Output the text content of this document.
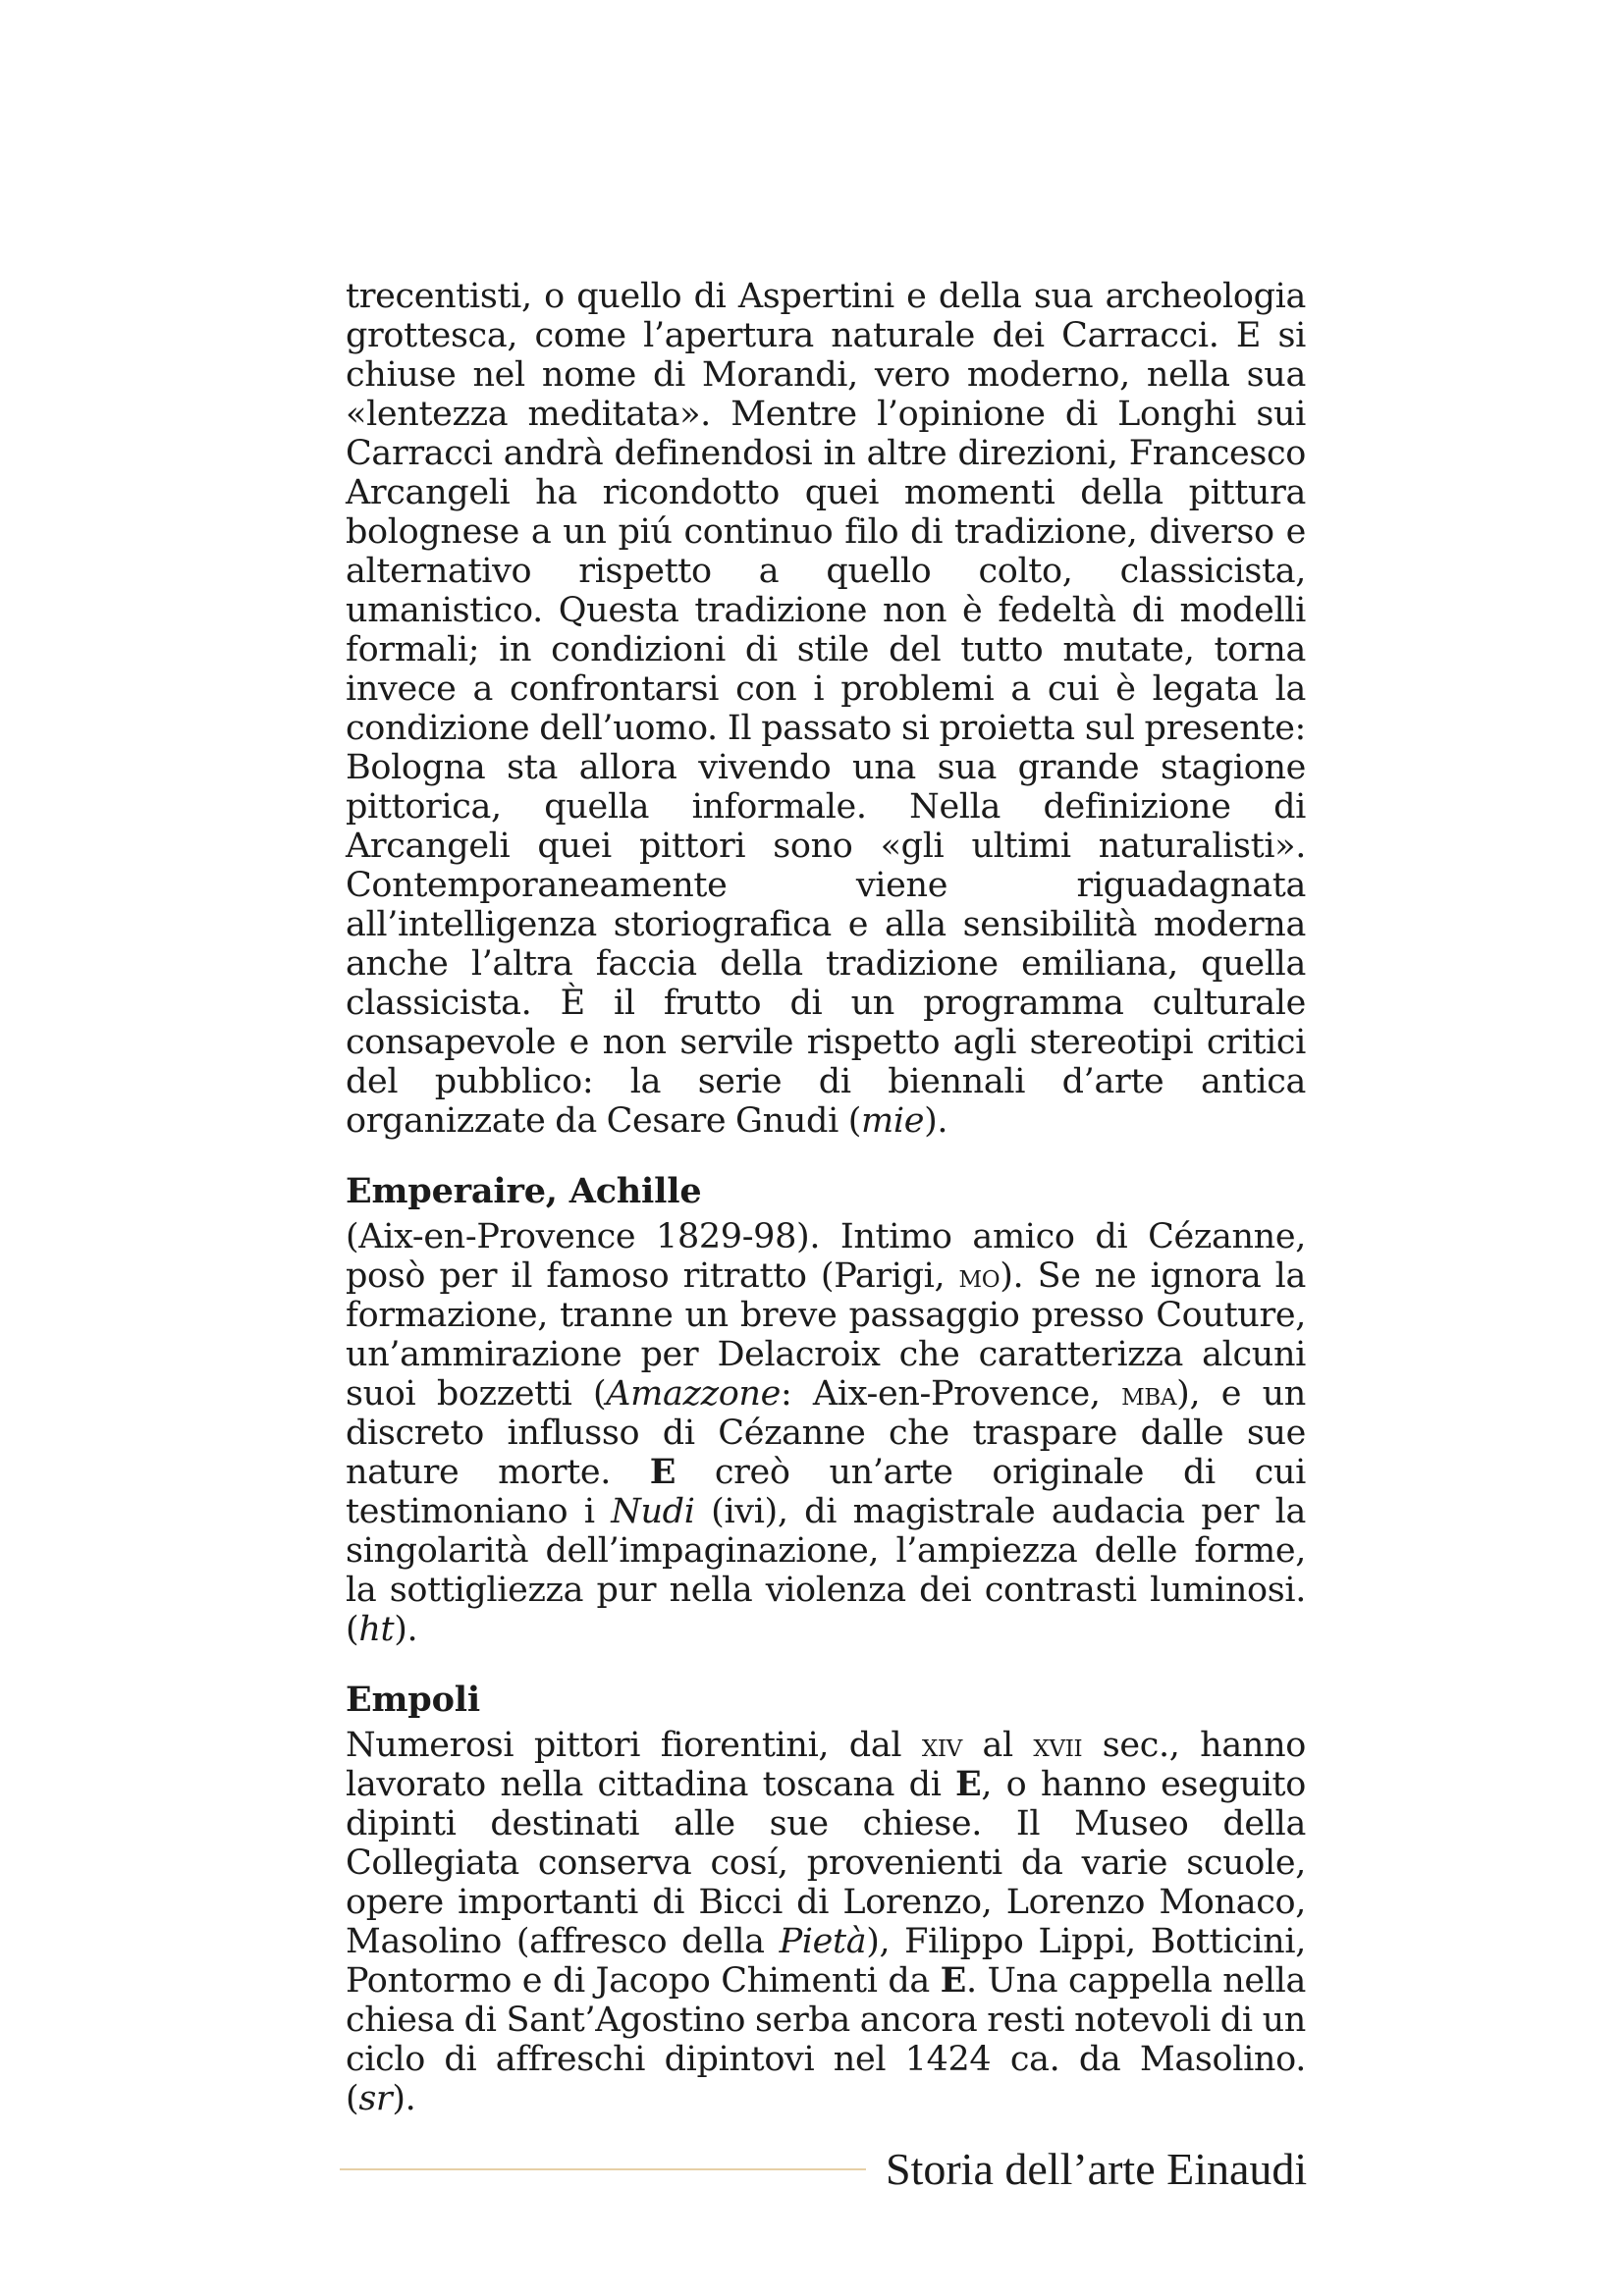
trecentisti, o quello di Aspertini e della sua archeologia grottesca, come l’apertura naturale dei Carracci. E si chiuse nel nome di Morandi, vero moderno, nella sua «lentezza meditata». Mentre l’opinione di Longhi sui Carracci andrà definendosi in altre direzioni, Francesco Arcangeli ha ricondotto quei momenti della pittura bolognese a un piú continuo filo di tradizione, diverso e alternativo rispetto a quello colto, classicista, umanistico. Questa tradizione non è fedeltà di modelli formali; in condizioni di stile del tutto mutate, torna invece a confrontarsi con i problemi a cui è legata la condizione dell’uomo. Il passato si proietta sul presente: Bologna sta allora vivendo una sua grande stagione pittorica, quella informale. Nella definizione di Arcangeli quei pittori sono «gli ultimi naturalisti». Contemporaneamente viene riguadagnata all’intelligenza storiografica e alla sensibilità moderna anche l’altra faccia della tradizione emiliana, quella classicista. È il frutto di un programma culturale consapevole e non servile rispetto agli stereotipi critici del pubblico: la serie di biennali d’arte antica organizzate da Cesare Gnudi (mie).

Emperaire, Achille

(Aix-en-Provence 1829-98). Intimo amico di Cézanne, posò per il famoso ritratto (Parigi, mo). Se ne ignora la formazione, tranne un breve passaggio presso Couture, un’ammirazione per Delacroix che caratterizza alcuni suoi bozzetti (Amazzone: Aix-en-Provence, mba), e un discreto influsso di Cézanne che traspare dalle sue nature morte. E creò un’arte originale di cui testimoniano i Nudi (ivi), di magistrale audacia per la singolarità dell’impaginazione, l’ampiezza delle forme, la sottigliezza pur nella violenza dei contrasti luminosi. (ht).

Empoli

Numerosi pittori fiorentini, dal xiv al xvii sec., hanno lavorato nella cittadina toscana di E, o hanno eseguito dipinti destinati alle sue chiese. Il Museo della Collegiata conserva cosí, provenienti da varie scuole, opere importanti di Bicci di Lorenzo, Lorenzo Monaco, Masolino (affresco della Pietà), Filippo Lippi, Botticini, Pontormo e di Jacopo Chimenti da E. Una cappella nella chiesa di Sant’Agostino serba ancora resti notevoli di un ciclo di affreschi dipintovi nel 1424 ca. da Masolino. (sr).

Storia dell’arte Einaudi
